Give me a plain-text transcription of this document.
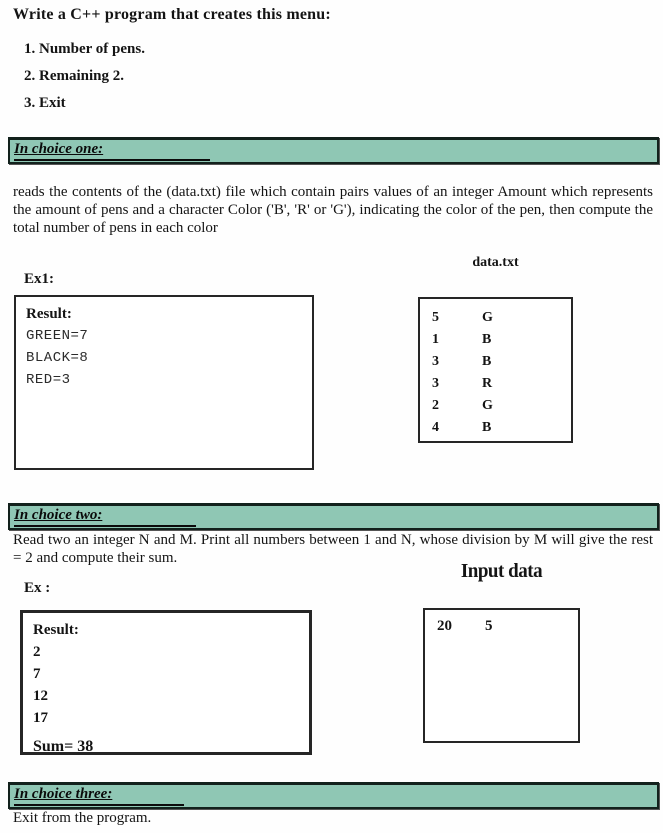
Write a C++ program that creates this menu:
1. Number of pens.
2. Remaining 2.
3. Exit
In choice one:
reads the contents of the (data.txt) file which contain pairs values of an integer Amount which represents the amount of pens and a character Color ('B', 'R' or 'G'), indicating the color of the pen, then compute the total number of pens in each color
data.txt
Ex1:
Result:
GREEN=7
BLACK=8
RED=3
5	G
1	B
3	B
3	R
2	G
4	B
In choice two:
Read two an integer N and M. Print all numbers between 1 and N, whose division by M will give the rest = 2 and compute their sum.
Input data
Ex :
Result:
2
7
12
17
Sum= 38
20	5
In choice three:
Exit from the program.
